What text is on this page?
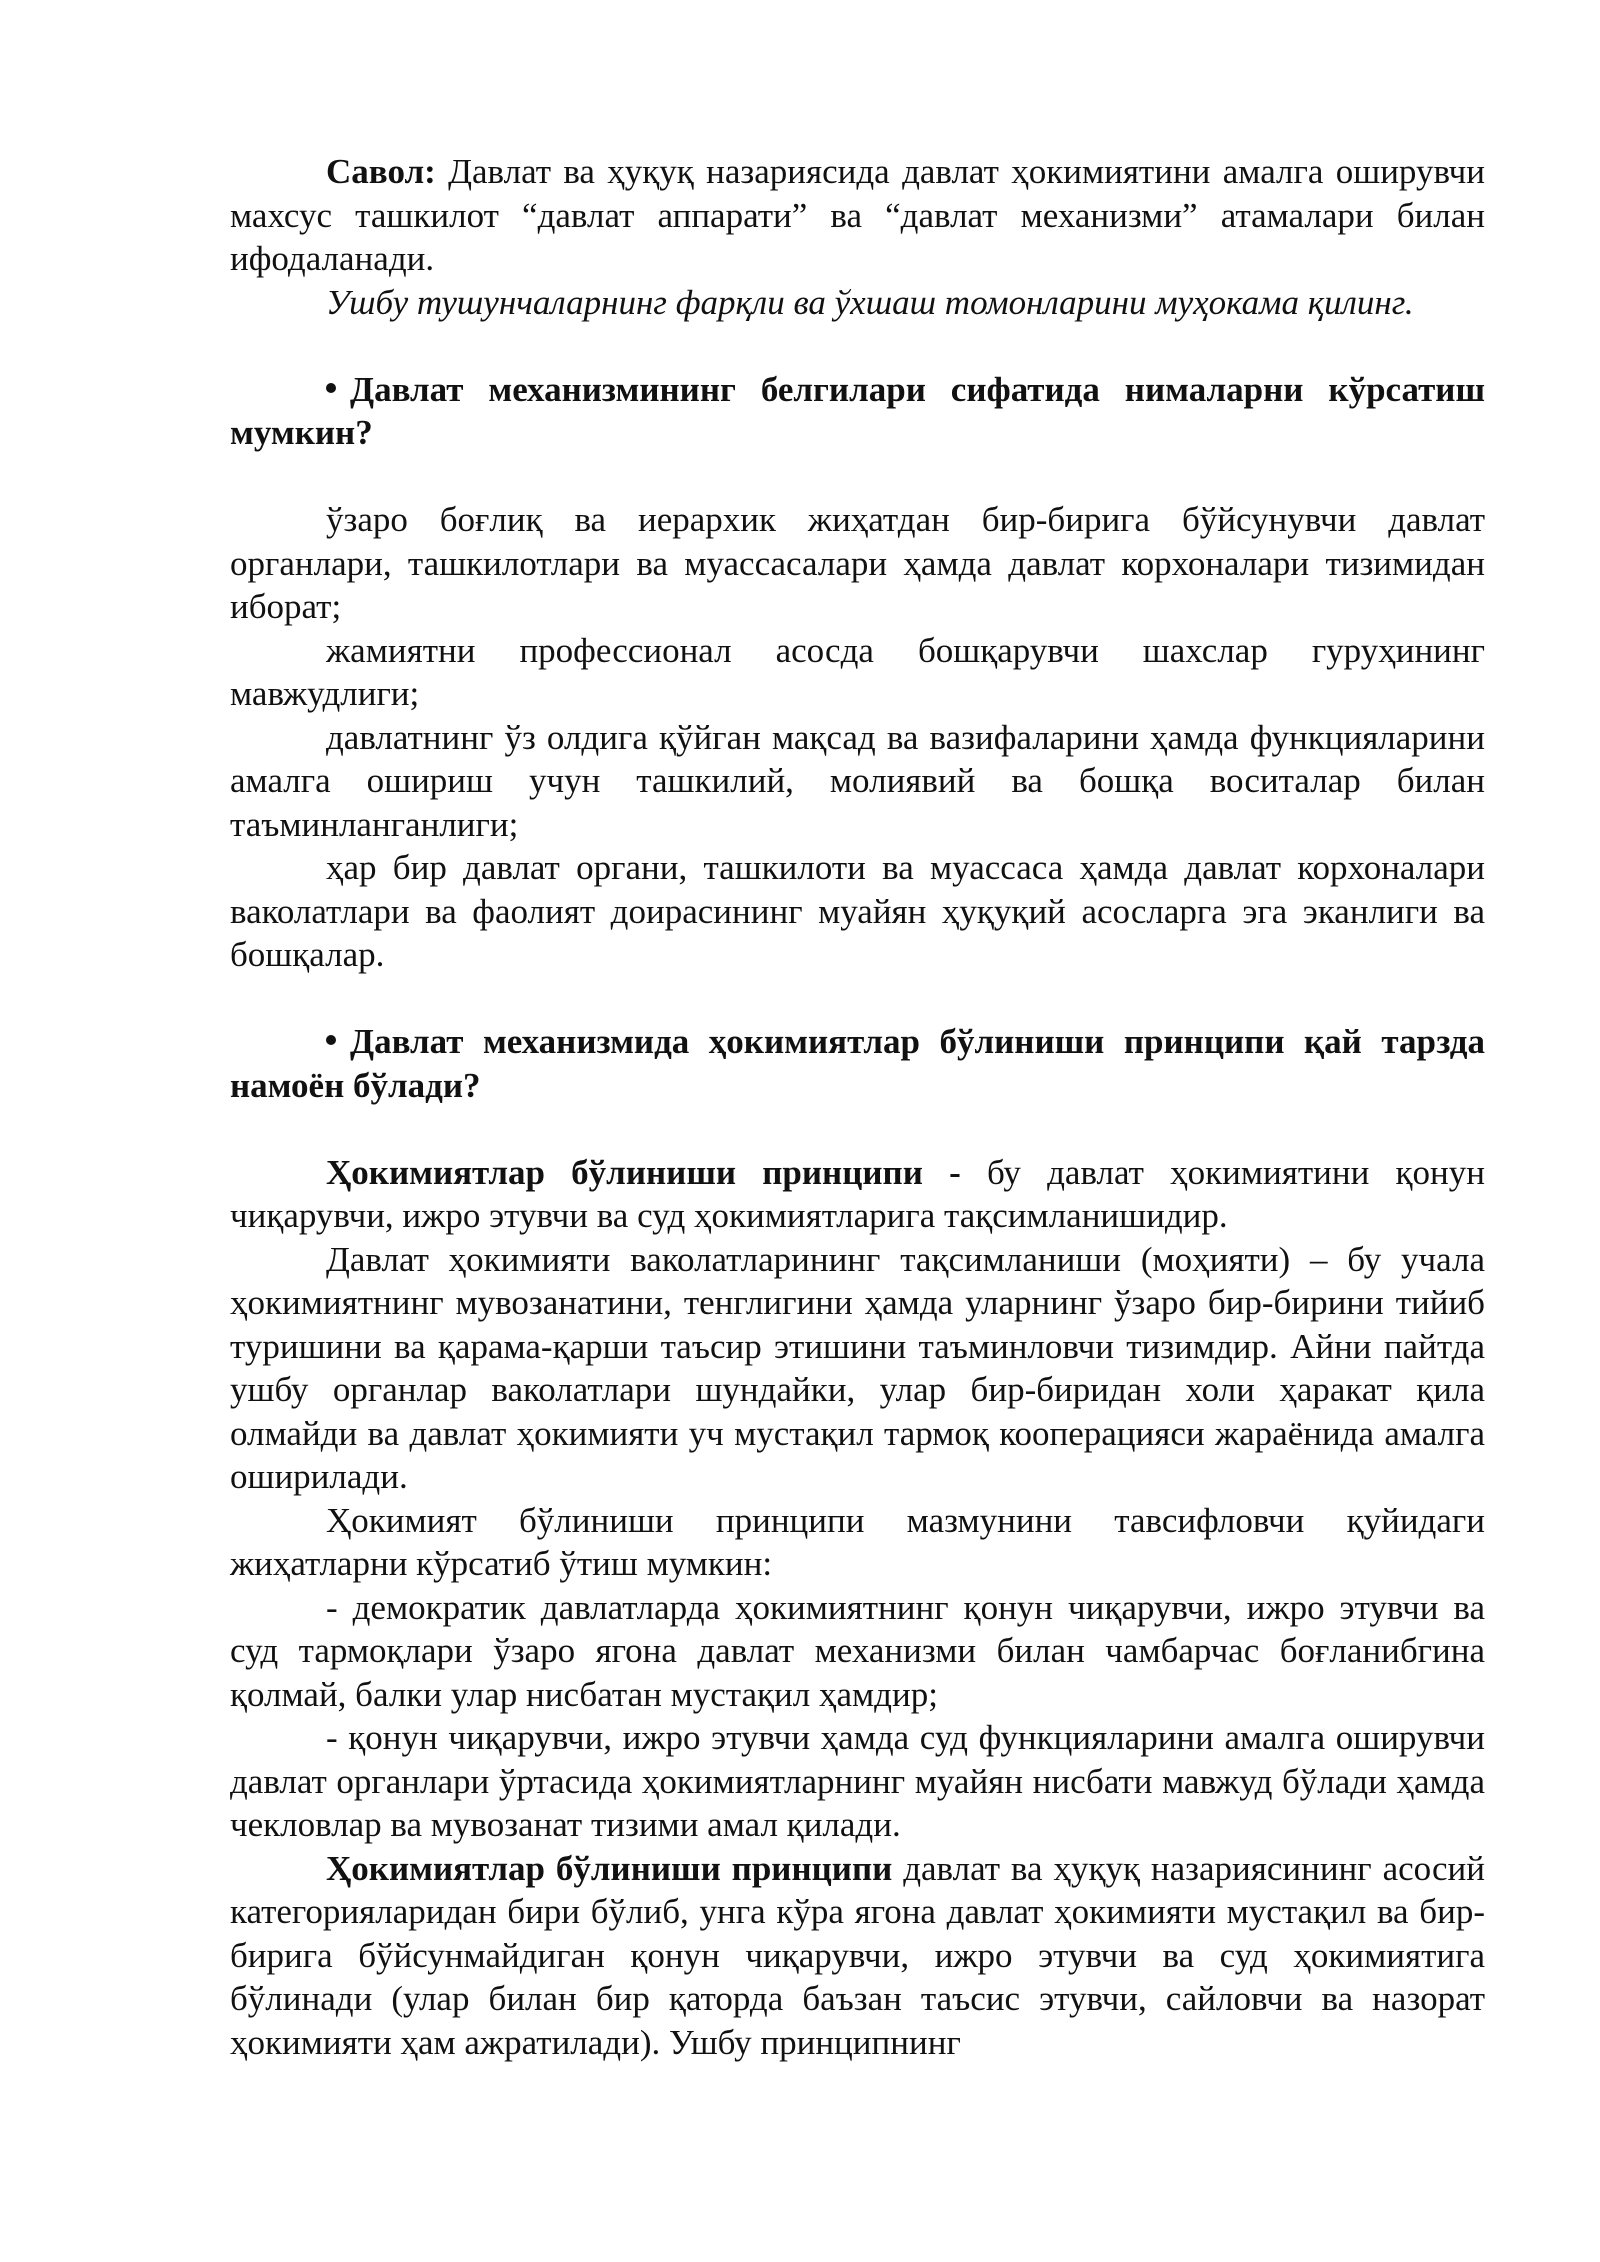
Савол: Давлат ва ҳуқуқ назариясида давлат ҳокимиятини амалга оширувчи махсус ташкилот “давлат аппарати” ва “давлат механизми” атамалари билан ифодаланади.

Ушбу тушунчаларнинг фарқли ва ўхшаш томонларини муҳокама қилинг.

Давлат механизмининг белгилари сифатида нималарни кўрсатиш мумкин?

ўзаро боғлиқ ва иерархик жиҳатдан бир-бирига бўйсунувчи давлат органлари, ташкилотлари ва муассасалари ҳамда давлат корхоналари тизимидан иборат;

жамиятни профессионал асосда бошқарувчи шахслар гуруҳининг мавжудлиги;

давлатнинг ўз олдига қўйган мақсад ва вазифаларини ҳамда функцияларини амалга ошириш учун ташкилий, молиявий ва бошқа воситалар билан таъминланганлиги;

ҳар бир давлат органи, ташкилоти ва муассаса ҳамда давлат корхоналари ваколатлари ва фаолият доирасининг муайян ҳуқуқий асосларга эга эканлиги ва бошқалар.

Давлат механизмида ҳокимиятлар бўлиниши принципи қай тарзда намоён бўлади?

Ҳокимиятлар бўлиниши принципи - бу давлат ҳокимиятини қонун чиқарувчи, ижро этувчи ва суд ҳокимиятларига тақсимланишидир.

Давлат ҳокимияти ваколатларининг тақсимланиши (моҳияти) – бу учала ҳокимиятнинг мувозанатини, тенглигини ҳамда уларнинг ўзаро бир-бирини тийиб туришини ва қарама-қарши таъсир этишини таъминловчи тизимдир. Айни пайтда ушбу органлар ваколатлари шундайки, улар бир-биридан холи ҳаракат қила олмайди ва давлат ҳокимияти уч мустақил тармоқ кооперацияси жараёнида амалга оширилади.

Ҳокимият бўлиниши принципи мазмунини тавсифловчи қуйидаги жиҳатларни кўрсатиб ўтиш мумкин:

- демократик давлатларда ҳокимиятнинг қонун чиқарувчи, ижро этувчи ва суд тармоқлари ўзаро ягона давлат механизми билан чамбарчас боғланибгина қолмай, балки улар нисбатан мустақил ҳамдир;

- қонун чиқарувчи, ижро этувчи ҳамда суд функцияларини амалга оширувчи давлат органлари ўртасида ҳокимиятларнинг муайян нисбати мавжуд бўлади ҳамда чекловлар ва мувозанат тизими амал қилади.

Ҳокимиятлар бўлиниши принципи давлат ва ҳуқуқ назариясининг асосий категорияларидан бири бўлиб, унга кўра ягона давлат ҳокимияти мустақил ва бир-бирига бўйсунмайдиган қонун чиқарувчи, ижро этувчи ва суд ҳокимиятига бўлинади (улар билан бир қаторда баъзан таъсис этувчи, сайловчи ва назорат ҳокимияти ҳам ажратилади). Ушбу принципнинг
